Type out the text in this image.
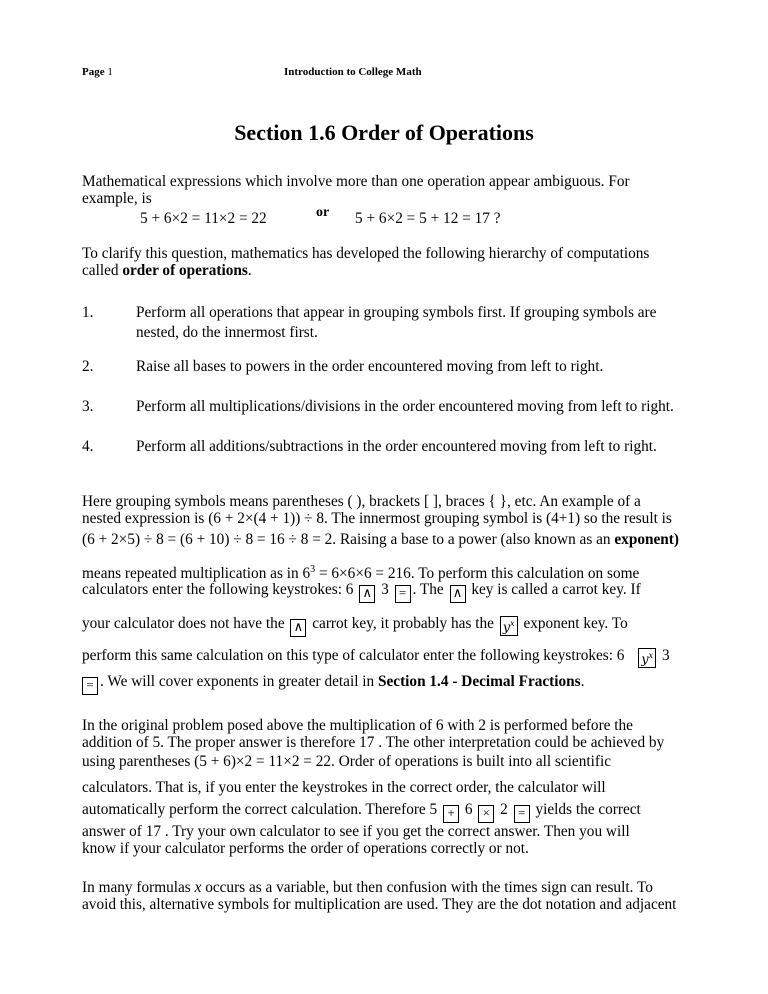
Page 1	Introduction to College Math
Section 1.6 Order of Operations
Mathematical expressions which involve more than one operation appear ambiguous. For
example, is
5 + 6×2 = 11×2 = 22	or 5 + 6×2 = 5 + 12 = 17 ?
To clarify this question, mathematics has developed the following hierarchy of computations
called order of operations.
1.	Perform all operations that appear in grouping symbols first. If grouping symbols are nested, do the innermost first.
2.	Raise all bases to powers in the order encountered moving from left to right.
3.	Perform all multiplications/divisions in the order encountered moving from left to right.
4.	Perform all additions/subtractions in the order encountered moving from left to right.
Here grouping symbols means parentheses ( ), brackets [ ], braces { }, etc. An example of a
nested expression is (6 + 2×(4 + 1)) ÷ 8. The innermost grouping symbol is (4+1) so the result is
(6 + 2×5) ÷ 8 = (6 + 10) ÷ 8 = 16 ÷ 8 = 2. Raising a base to a power (also known as an exponent)
means repeated multiplication as in $6^3 = 6\times 6\times 6 = 216$. To perform this calculation on some
calculators enter the following keystrokes: 6 ∧ 3 = . The ∧ key is called a carrot key. If
your calculator does not have the ∧ carrot key, it probably has the $y^x$ exponent key. To
perform this same calculation on this type of calculator enter the following keystrokes: 6 $y^x$ 3
= . We will cover exponents in greater detail in Section 1.4 - Decimal Fractions.
In the original problem posed above the multiplication of 6 with 2 is performed before the
addition of 5. The proper answer is therefore 17 . The other interpretation could be achieved by
using parentheses (5 + 6)×2 = 11×2 = 22. Order of operations is built into all scientific
calculators. That is, if you enter the keystrokes in the correct order, the calculator will
automatically perform the correct calculation. Therefore 5 + 6 × 2 = yields the correct
answer of 17 . Try your own calculator to see if you get the correct answer. Then you will
know if your calculator performs the order of operations correctly or not.
In many formulas x occurs as a variable, but then confusion with the times sign can result. To
avoid this, alternative symbols for multiplication are used. They are the dot notation and adjacent
